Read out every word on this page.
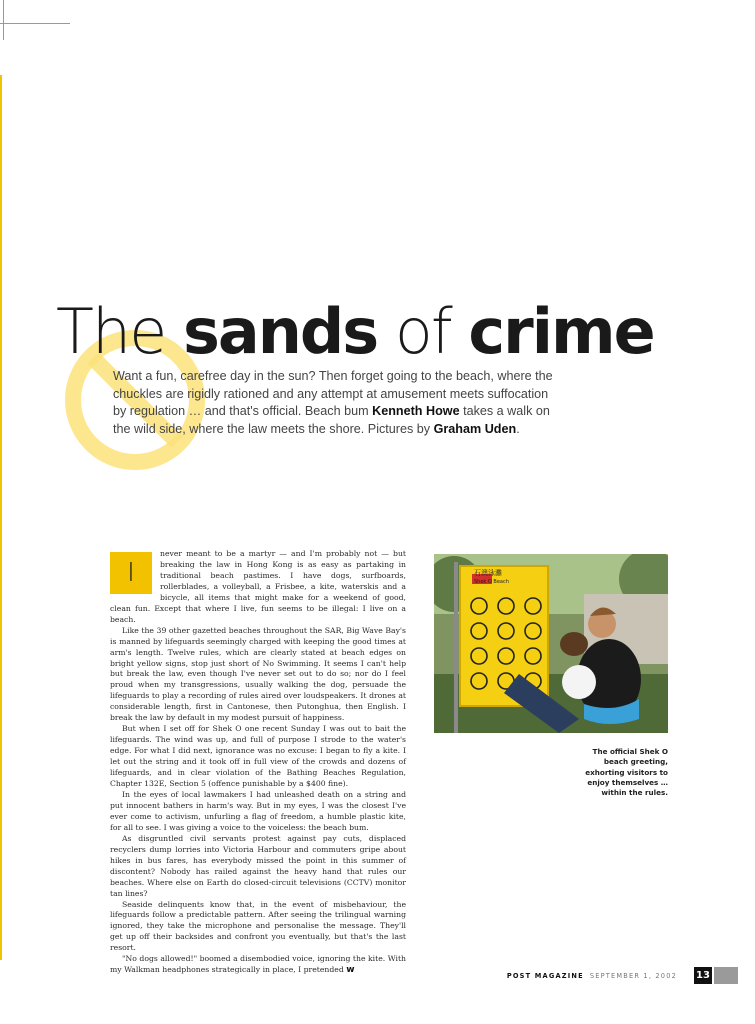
The sands of crime

Want a fun, carefree day in the sun? Then forget going to the beach, where the chuckles are rigidly rationed and any attempt at amusement meets suffocation by regulation … and that's official. Beach bum Kenneth Howe takes a walk on the wild side, where the law meets the shore. Pictures by Graham Uden.

I

never meant to be a martyr — and I'm probably not — but breaking the law in Hong Kong is as easy as partaking in traditional beach pastimes. I have dogs, surfboards, rollerblades, a volleyball, a Frisbee, a kite, waterskis and a bicycle, all items that might make for a weekend of good, clean fun. Except that where I live, fun seems to be illegal: I live on a beach.

Like the 39 other gazetted beaches throughout the SAR, Big Wave Bay's is manned by lifeguards seemingly charged with keeping the good times at arm's length. Twelve rules, which are clearly stated at beach edges on bright yellow signs, stop just short of No Swimming. It seems I can't help but break the law, even though I've never set out to do so; nor do I feel proud when my transgressions, usually walking the dog, persuade the lifeguards to play a recording of rules aired over loudspeakers. It drones at considerable length, first in Cantonese, then Putonghua, then English. I break the law by default in my modest pursuit of happiness.

But when I set off for Shek O one recent Sunday I was out to bait the lifeguards. The wind was up, and full of purpose I strode to the water's edge. For what I did next, ignorance was no excuse: I began to fly a kite. I let out the string and it took off in full view of the crowds and dozens of lifeguards, and in clear violation of the Bathing Beaches Regulation, Chapter 132E, Section 5 (offence punishable by a $400 fine).

In the eyes of local lawmakers I had unleashed death on a string and put innocent bathers in harm's way. But in my eyes, I was the closest I've ever come to activism, unfurling a flag of freedom, a humble plastic kite, for all to see. I was giving a voice to the voiceless: the beach bum.

As disgruntled civil servants protest against pay cuts, displaced recyclers dump lorries into Victoria Harbour and commuters gripe about hikes in bus fares, has everybody missed the point in this summer of discontent? Nobody has railed against the heavy hand that rules our beaches. Where else on Earth do closed-circuit televisions (CCTV) monitor tan lines?

Seaside delinquents know that, in the event of misbehaviour, the lifeguards follow a predictable pattern. After seeing the trilingual warning ignored, they take the microphone and personalise the message. They'll get up off their backsides and confront you eventually, but that's the last resort.

"No dogs allowed!" boomed a disembodied voice, ignoring the kite. With my Walkman headphones strategically in place, I pretended w

石澳泳灘
Shek O Beach

The official Shek O beach greeting, exhorting visitors to enjoy themselves … within the rules.

POST MAGAZINE SEPTEMBER 1, 2002 13
